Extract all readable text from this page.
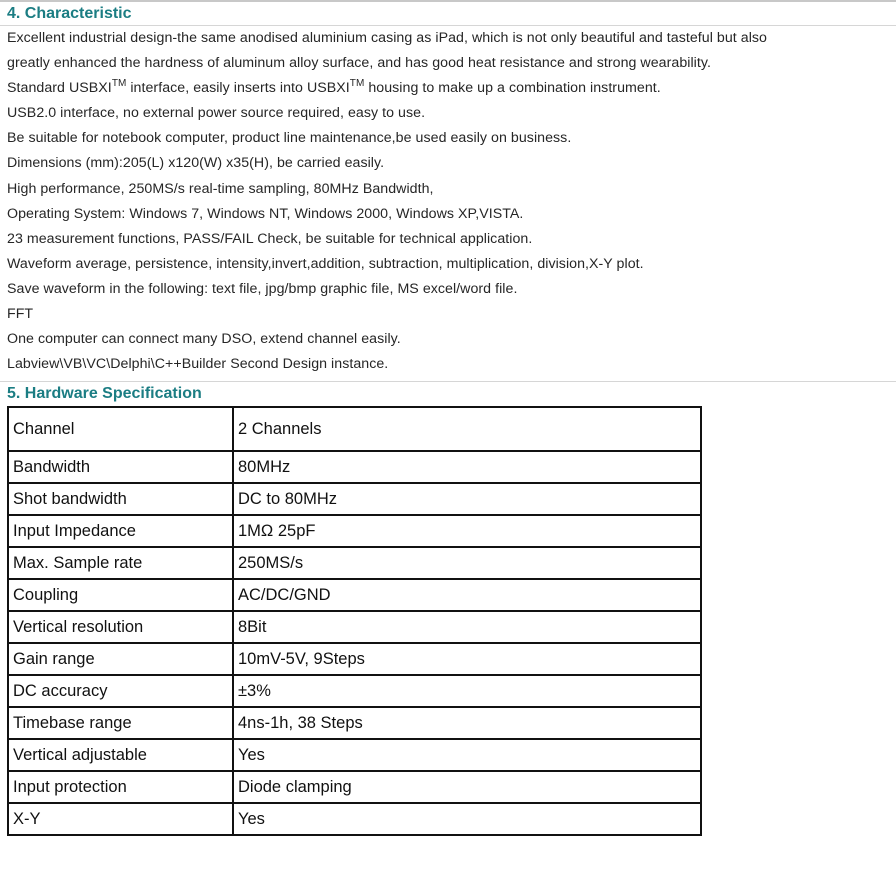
4. Characteristic
Excellent industrial design-the same anodised aluminium casing as iPad, which is not only beautiful and tasteful but also
greatly enhanced the hardness of aluminum alloy surface, and has good heat resistance and strong wearability.
Standard USBXI™ interface, easily inserts into USBXI™ housing to make up a combination instrument.
USB2.0 interface, no external power source required, easy to use.
Be suitable for notebook computer, product line maintenance,be used easily on business.
Dimensions (mm):205(L) x120(W) x35(H), be carried easily.
High performance, 250MS/s real-time sampling, 80MHz Bandwidth,
Operating System: Windows 7, Windows NT, Windows 2000, Windows XP,VISTA.
23 measurement functions, PASS/FAIL Check, be suitable for technical application.
Waveform average, persistence, intensity,invert,addition, subtraction, multiplication, division,X-Y plot.
Save waveform in the following: text file, jpg/bmp graphic file, MS excel/word file.
FFT
One computer can connect many DSO, extend channel easily.
Labview\VB\VC\Delphi\C++Builder Second Design instance.
5. Hardware Specification
Channel	2 Channels
Bandwidth	80MHz
Shot bandwidth	DC to 80MHz
Input Impedance	1MΩ 25pF
Max. Sample rate	250MS/s
Coupling	AC/DC/GND
Vertical resolution	8Bit
Gain range	10mV-5V, 9Steps
DC accuracy	±3%
Timebase range	4ns-1h, 38 Steps
Vertical adjustable	Yes
Input protection	Diode clamping
X-Y	Yes
